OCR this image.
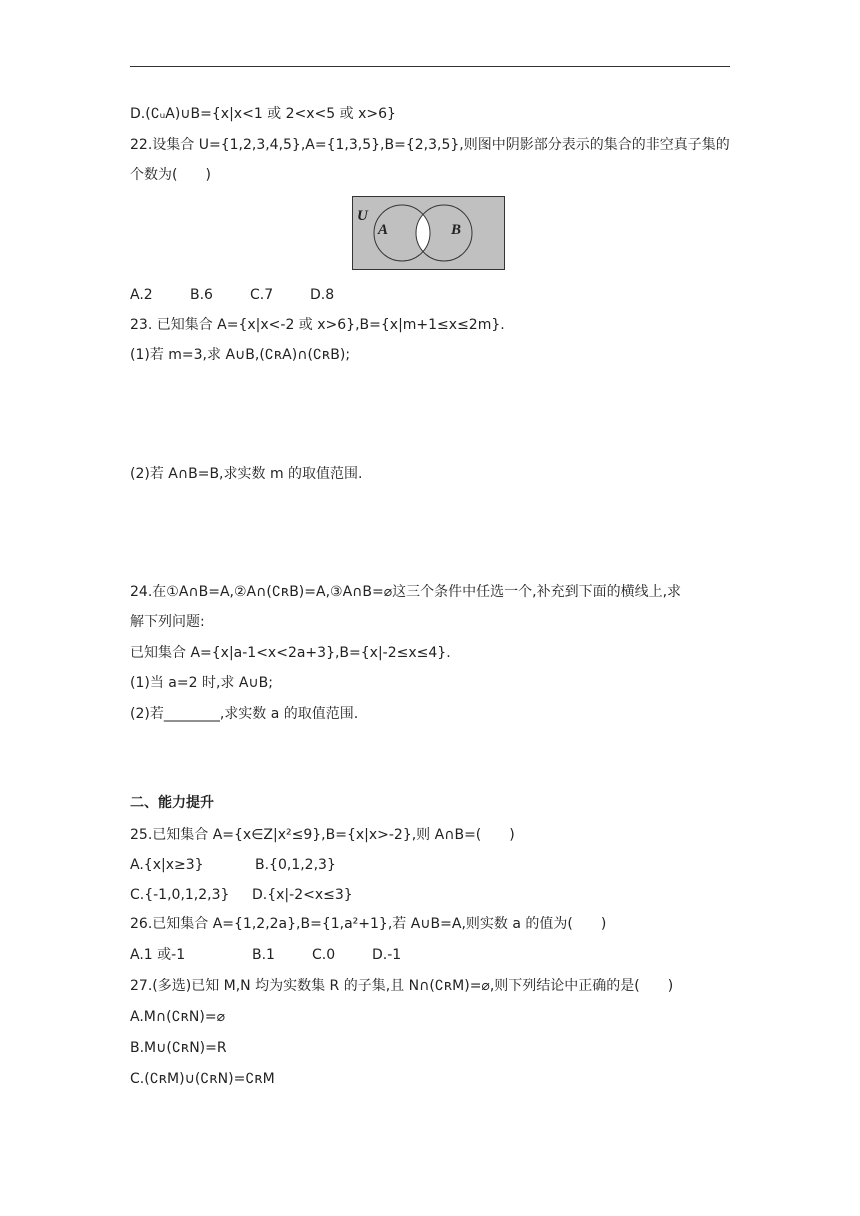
D.(∁ᵤA)∪B={x|x<1 或 2<x<5 或 x>6}
22.设集合 U={1,2,3,4,5},A={1,3,5},B={2,3,5},则图中阴影部分表示的集合的非空真子集的
个数为(　　)
U
A	B
A.2	B.6	C.7	D.8
23. 已知集合 A={x|x<-2 或 x>6},B={x|m+1≤x≤2m}.
(1)若 m=3,求 A∪B,(∁ʀA)∩(∁ʀB);
(2)若 A∩B=B,求实数 m 的取值范围.
24.在①A∩B=A,②A∩(∁ʀB)=A,③A∩B=⌀这三个条件中任选一个,补充到下面的横线上,求
解下列问题:
已知集合 A={x|a-1<x<2a+3},B={x|-2≤x≤4}.
(1)当 a=2 时,求 A∪B;
(2)若________,求实数 a 的取值范围.
二、能力提升
25.已知集合 A={x∈Z|x²≤9},B={x|x>-2},则 A∩B=(　　)
A.{x|x≥3}	B.{0,1,2,3}
C.{-1,0,1,2,3} D.{x|-2<x≤3}
26.已知集合 A={1,2,2a},B={1,a²+1},若 A∪B=A,则实数 a 的值为(　　)
A.1 或-1	B.1	C.0	D.-1
27.(多选)已知 M,N 均为实数集 R 的子集,且 N∩(∁ʀM)=⌀,则下列结论中正确的是(　　)
A.M∩(∁ʀN)=⌀
B.M∪(∁ʀN)=R
C.(∁ʀM)∪(∁ʀN)=∁ʀM
